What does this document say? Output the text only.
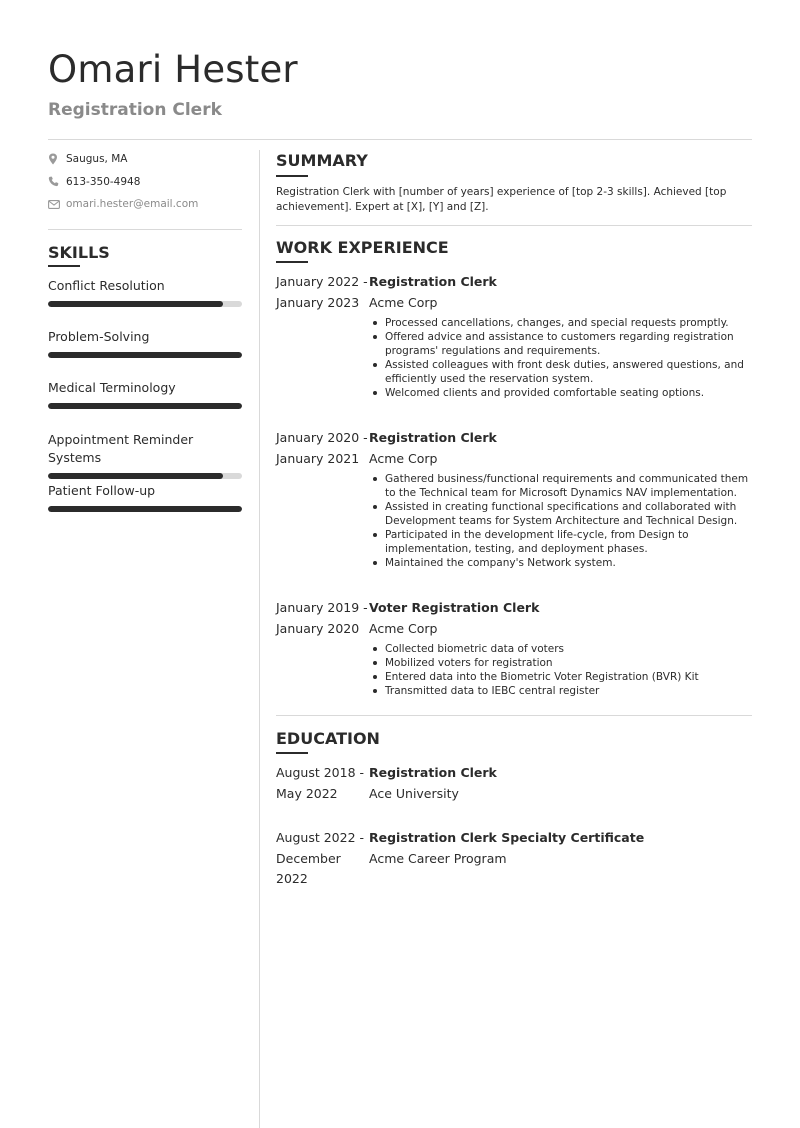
Omari Hester
Registration Clerk
Saugus, MA
613-350-4948
omari.hester@email.com
SKILLS
Conflict Resolution
Problem-Solving
Medical Terminology
Appointment Reminder Systems
Patient Follow-up
SUMMARY
Registration Clerk with [number of years] experience of [top 2-3 skills]. Achieved [top achievement]. Expert at [X], [Y] and [Z].
WORK EXPERIENCE
January 2022 -
January 2023
Registration Clerk
Acme Corp
Processed cancellations, changes, and special requests promptly.
Offered advice and assistance to customers regarding registration programs' regulations and requirements.
Assisted colleagues with front desk duties, answered questions, and efficiently used the reservation system.
Welcomed clients and provided comfortable seating options.
January 2020 -
January 2021
Registration Clerk
Acme Corp
Gathered business/functional requirements and communicated them to the Technical team for Microsoft Dynamics NAV implementation.
Assisted in creating functional specifications and collaborated with Development teams for System Architecture and Technical Design.
Participated in the development life-cycle, from Design to implementation, testing, and deployment phases.
Maintained the company's Network system.
January 2019 -
January 2020
Voter Registration Clerk
Acme Corp
Collected biometric data of voters
Mobilized voters for registration
Entered data into the Biometric Voter Registration (BVR) Kit
Transmitted data to IEBC central register
EDUCATION
August 2018 -
May 2022
Registration Clerk
Ace University
August 2022 -
December 2022
Registration Clerk Specialty Certificate
Acme Career Program
